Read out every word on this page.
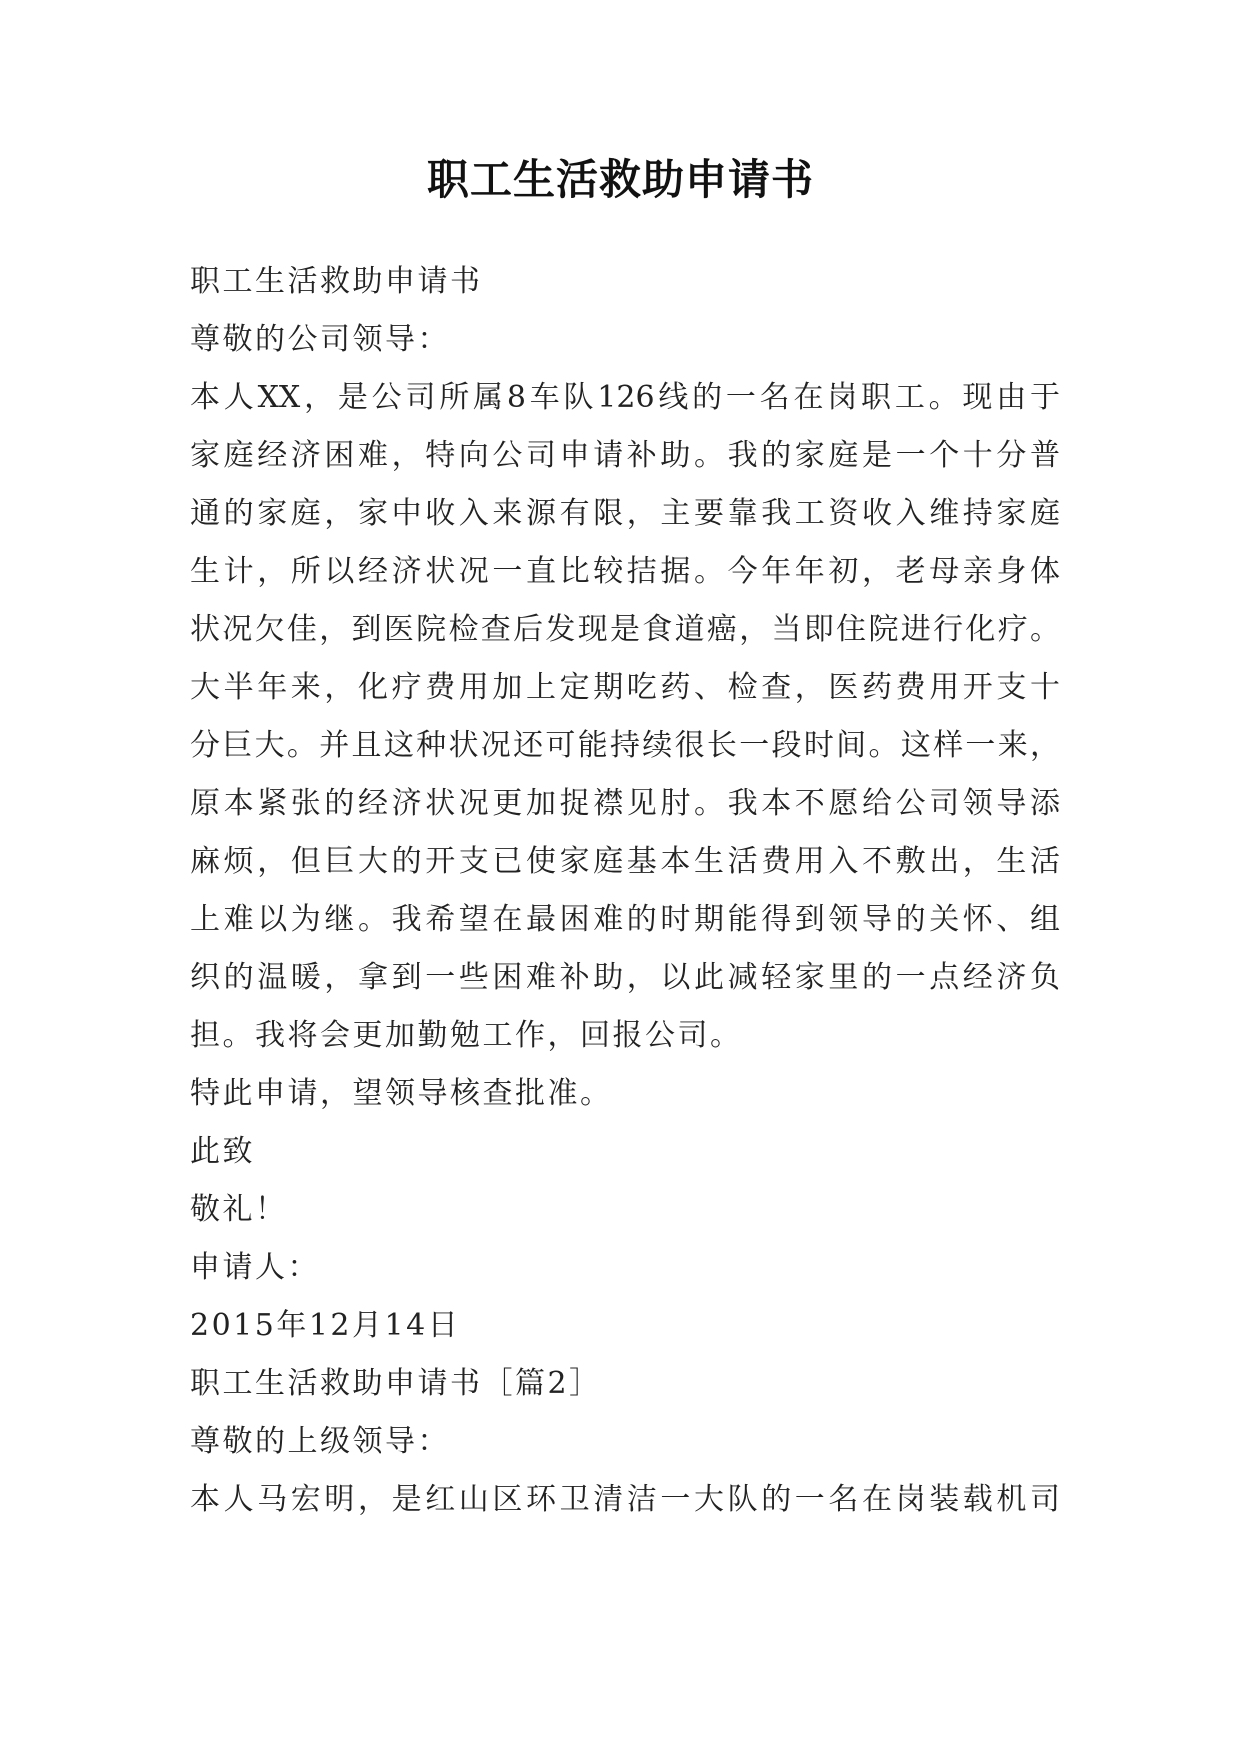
职工生活救助申请书
职工生活救助申请书
尊敬的公司领导：
本人XX，是公司所属8车队126线的一名在岗职工。现由于
家庭经济困难，特向公司申请补助。我的家庭是一个十分普
通的家庭，家中收入来源有限，主要靠我工资收入维持家庭
生计，所以经济状况一直比较拮据。今年年初，老母亲身体
状况欠佳，到医院检查后发现是食道癌，当即住院进行化疗。
大半年来，化疗费用加上定期吃药、检查，医药费用开支十
分巨大。并且这种状况还可能持续很长一段时间。这样一来，
原本紧张的经济状况更加捉襟见肘。我本不愿给公司领导添
麻烦，但巨大的开支已使家庭基本生活费用入不敷出，生活
上难以为继。我希望在最困难的时期能得到领导的关怀、组
织的温暖，拿到一些困难补助，以此减轻家里的一点经济负
担。我将会更加勤勉工作，回报公司。
特此申请，望领导核查批准。
此致
敬礼！
申请人：
2015年12月14日
职工生活救助申请书［篇2］
尊敬的上级领导：
本人马宏明，是红山区环卫清洁一大队的一名在岗装载机司
